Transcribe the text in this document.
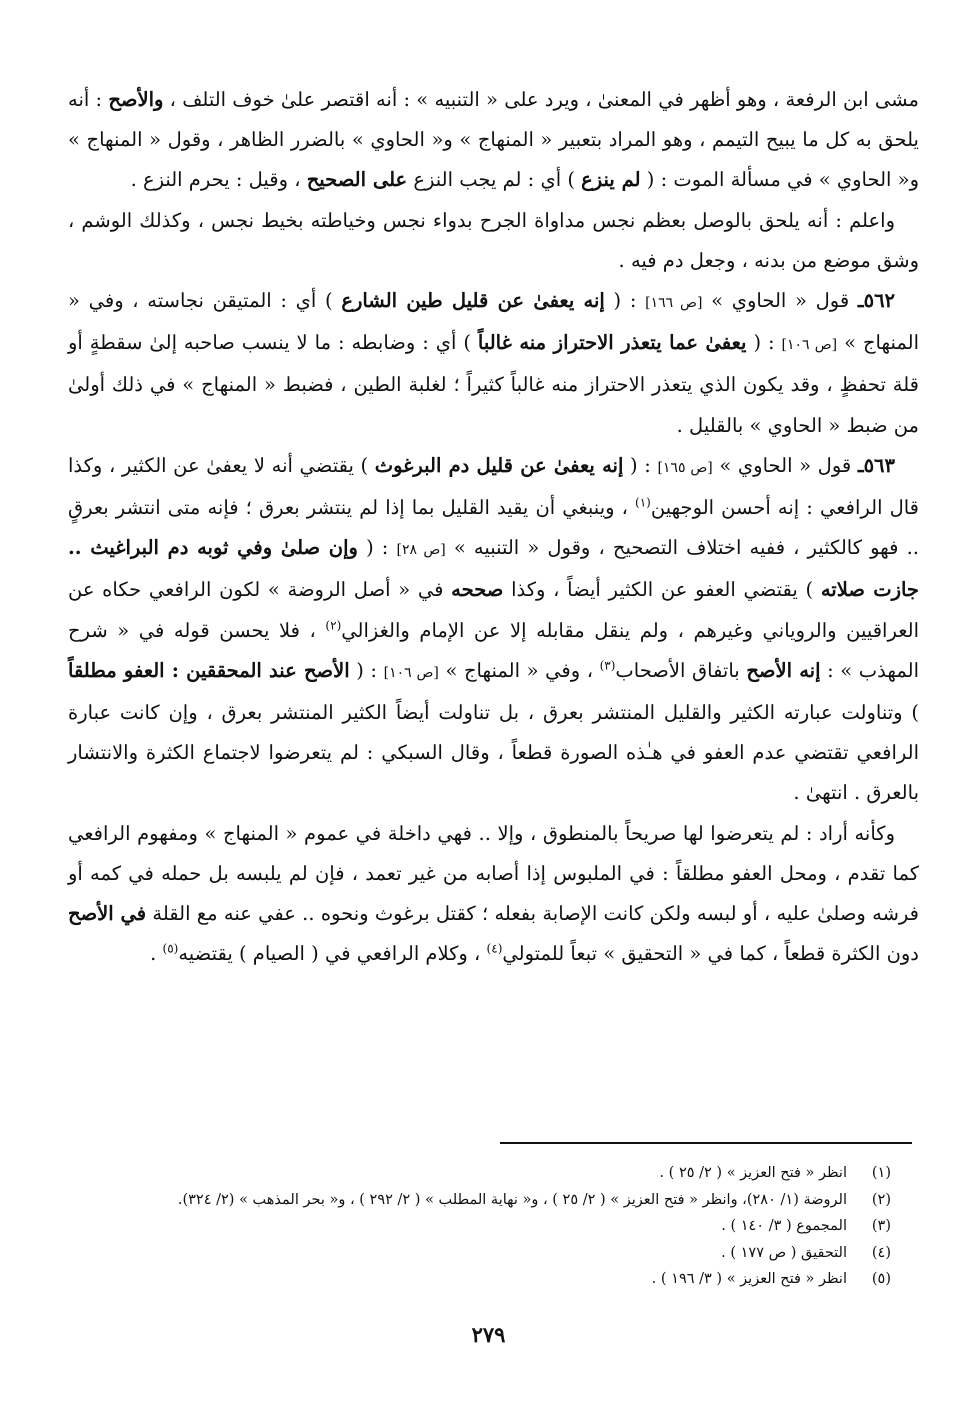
مشى ابن الرفعة ، وهو أظهر في المعنىٰ ، ويرد على « التنبيه » : أنه اقتصر علىٰ خوف التلف ، والأصح : أنه يلحق به كل ما يبيح التيمم ، وهو المراد بتعبير « المنهاج » و« الحاوي » بالضرر الظاهر ، وقول « المنهاج » و« الحاوي » في مسألة الموت : ( لم ينزع ) أي : لم يجب النزع على الصحيح ، وقيل : يحرم النزع .

واعلم : أنه يلحق بالوصل بعظم نجس مداواة الجرح بدواء نجس وخياطته بخيط نجس ، وكذلك الوشم ، وشق موضع من بدنه ، وجعل دم فيه .

٥٦٢ـ قول « الحاوي » [ص ١٦٦] : ( إنه يعفىٰ عن قليل طين الشارع ) أي : المتيقن نجاسته ، وفي « المنهاج » [ص ١٠٦] : ( يعفىٰ عما يتعذر الاحتراز منه غالباً ) أي : وضابطه : ما لا ينسب صاحبه إلىٰ سقطةٍ أو قلة تحفظٍ ، وقد يكون الذي يتعذر الاحتراز منه غالباً كثيراً ؛ لغلبة الطين ، فضبط « المنهاج » في ذلك أولىٰ من ضبط « الحاوي » بالقليل .

٥٦٣ـ قول « الحاوي » [ص ١٦٥] : ( إنه يعفىٰ عن قليل دم البرغوث ) يقتضي أنه لا يعفىٰ عن الكثير ، وكذا قال الرافعي : إنه أحسن الوجهين$^{(١)}$ ، وينبغي أن يقيد القليل بما إذا لم ينتشر بعرق ؛ فإنه متى انتشر بعرقٍ .. فهو كالكثير ، ففيه اختلاف التصحيح ، وقول « التنبيه » [ص ٢٨] : ( وإن صلىٰ وفي ثوبه دم البراغيث .. جازت صلاته ) يقتضي العفو عن الكثير أيضاً ، وكذا صححه في « أصل الروضة » لكون الرافعي حكاه عن العراقيين والروياني وغيرهم ، ولم ينقل مقابله إلا عن الإمام والغزالي$^{(٢)}$ ، فلا يحسن قوله في « شرح المهذب » : إنه الأصح باتفاق الأصحاب$^{(٣)}$ ، وفي « المنهاج » [ص ١٠٦] : ( الأصح عند المحققين : العفو مطلقاً ) وتناولت عبارته الكثير والقليل المنتشر بعرق ، بل تناولت أيضاً الكثير المنتشر بعرق ، وإن كانت عبارة الرافعي تقتضي عدم العفو في هـٰذه الصورة قطعاً ، وقال السبكي : لم يتعرضوا لاجتماع الكثرة والانتشار بالعرق . انتهىٰ .

وكأنه أراد : لم يتعرضوا لها صريحاً بالمنطوق ، وإلا .. فهي داخلة في عموم « المنهاج » ومفهوم الرافعي كما تقدم ، ومحل العفو مطلقاً : في الملبوس إذا أصابه من غير تعمد ، فإن لم يلبسه بل حمله في كمه أو فرشه وصلىٰ عليه ، أو لبسه ولكن كانت الإصابة بفعله ؛ كقتل برغوث ونحوه .. عفي عنه مع القلة في الأصح دون الكثرة قطعاً ، كما في « التحقيق » تبعاً للمتولي$^{(٤)}$ ، وكلام الرافعي في ( الصيام ) يقتضيه$^{(٥)}$ .

(١)انظر « فتح العزيز » ( ٢/ ٢٥ ) .
(٢)الروضة (١/ ٢٨٠)، وانظر « فتح العزيز » ( ٢/ ٢٥ ) ، و« نهاية المطلب » ( ٢/ ٢٩٢ ) ، و« بحر المذهب » (٢/ ٣٢٤).
(٣)المجموع ( ٣/ ١٤٠ ) .
(٤)التحقيق ( ص ١٧٧ ) .
(٥)انظر « فتح العزيز » ( ٣/ ١٩٦ ) .
٢٧٩
